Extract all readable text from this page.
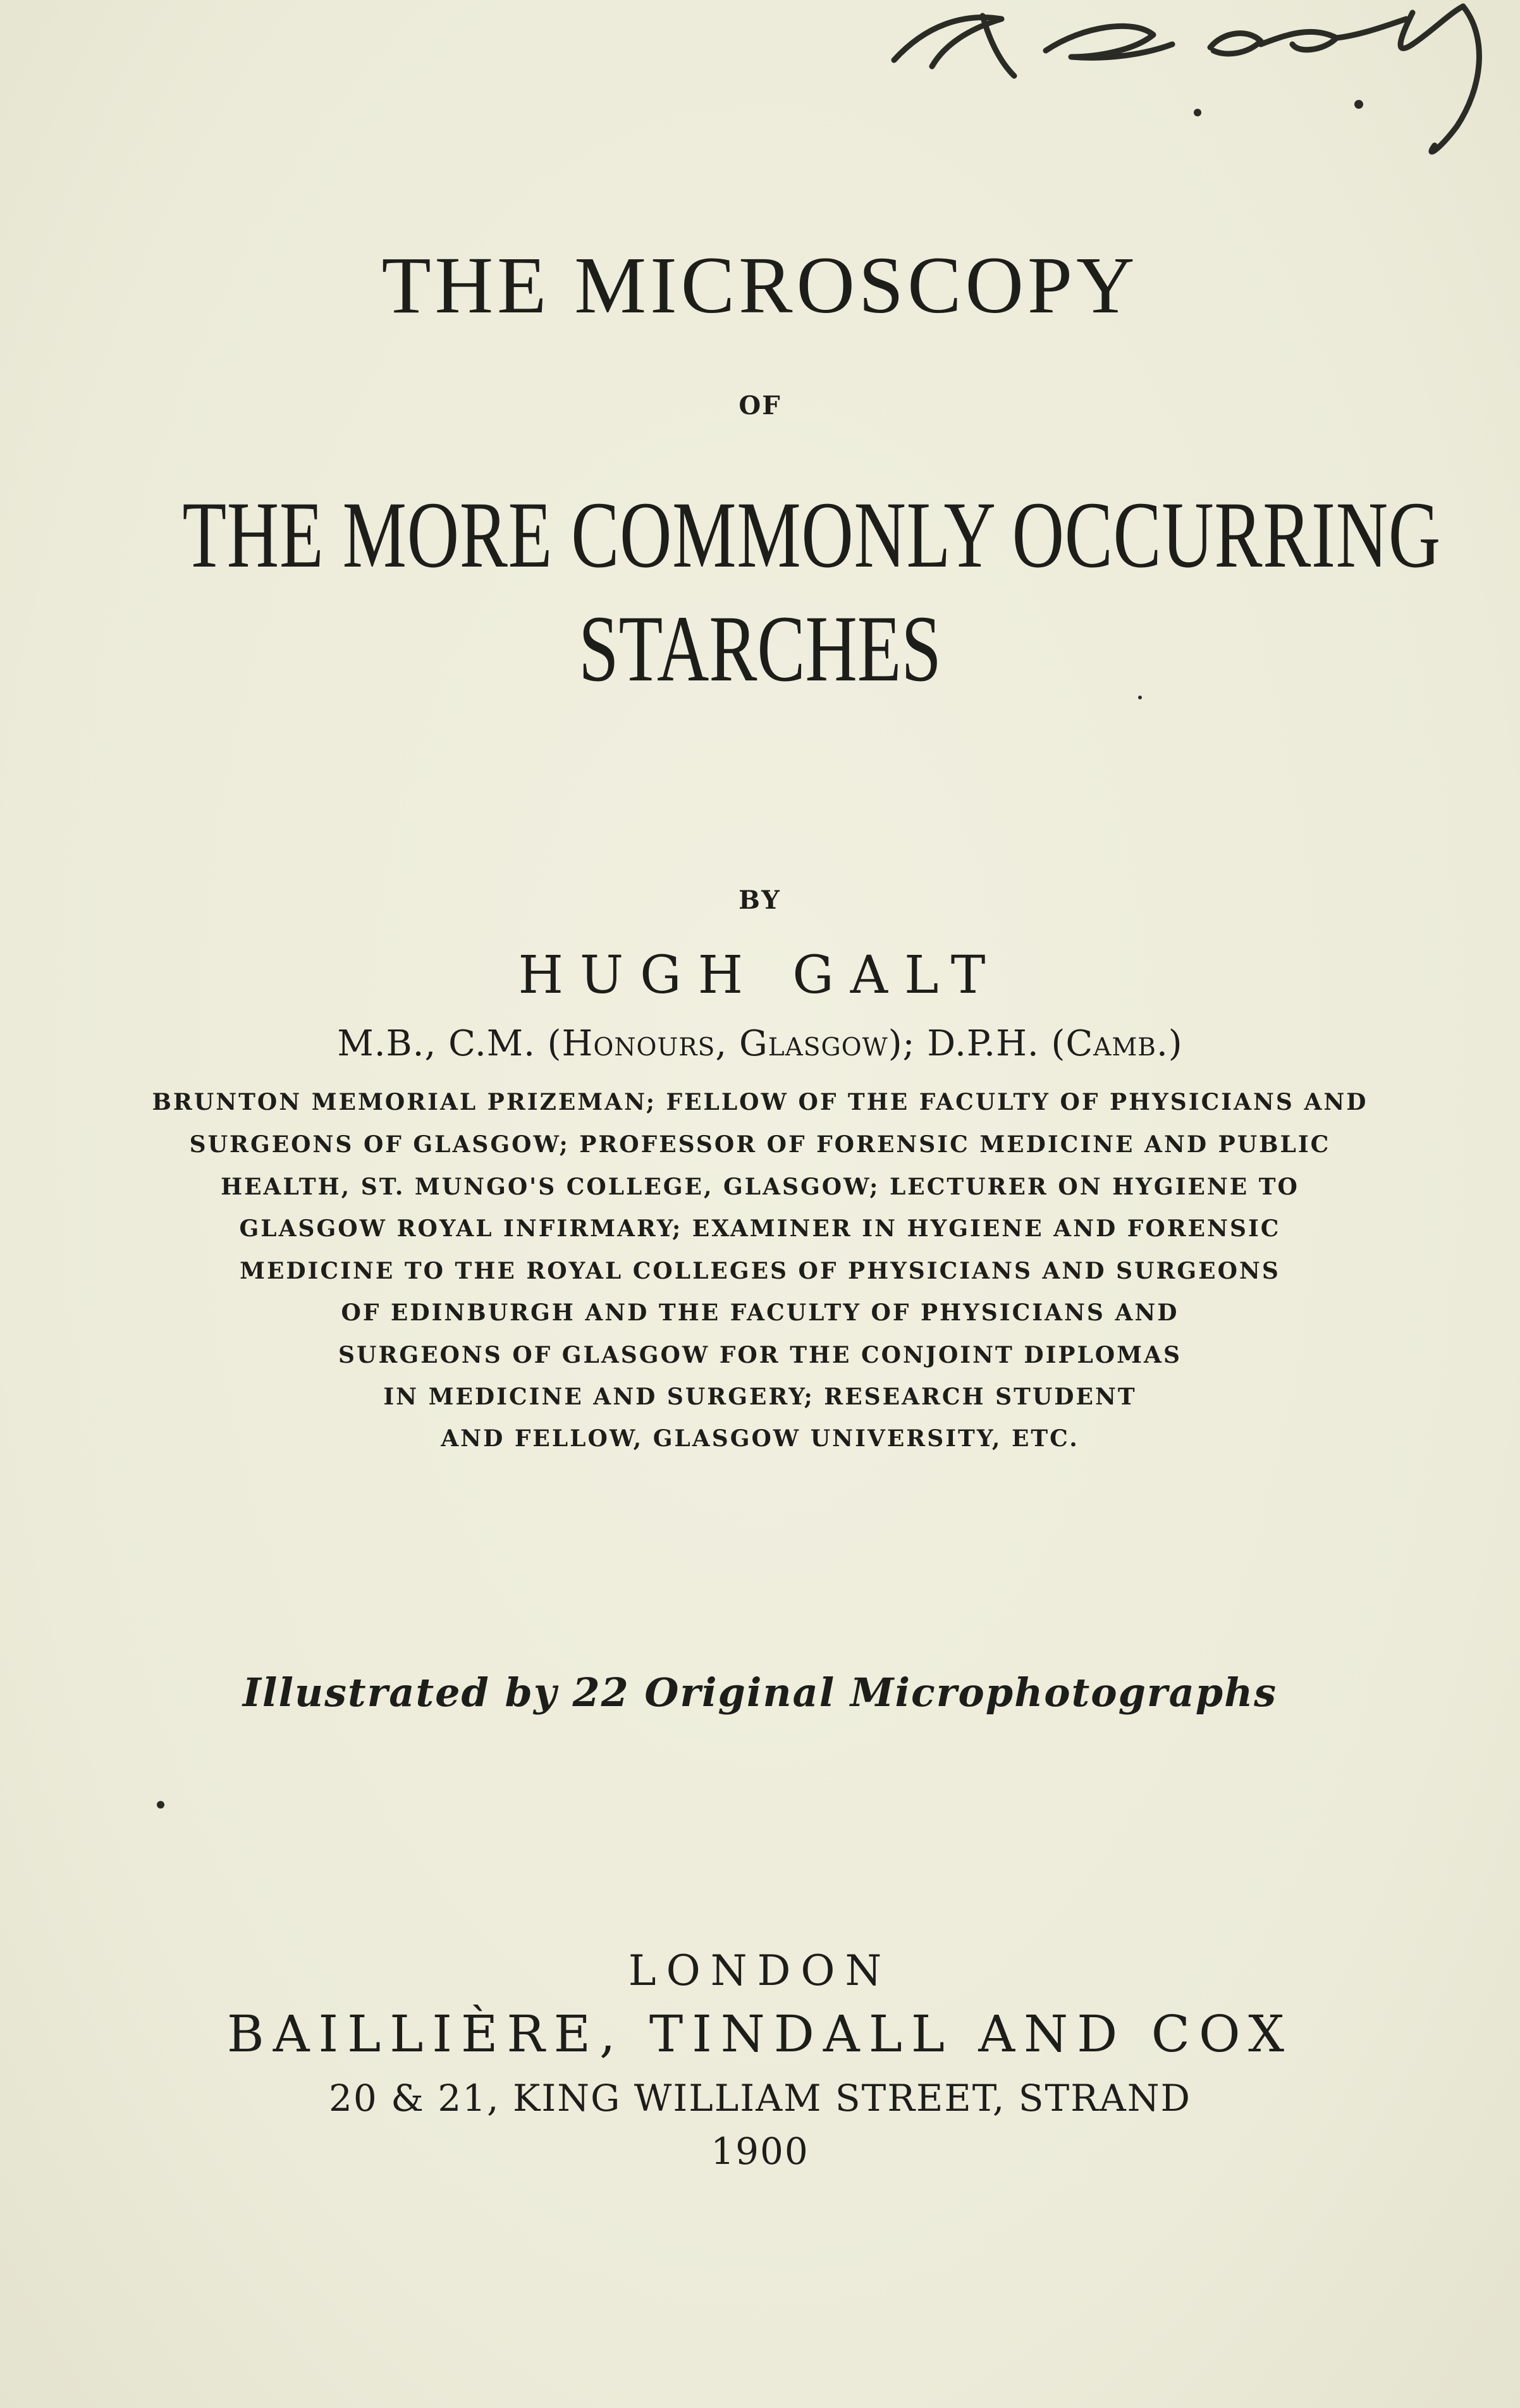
THE MICROSCOPY
OF
THE MORE COMMONLY OCCURRING
STARCHES
BY
HUGH GALT
M.B., C.M. (Honours, Glasgow); D.P.H. (Camb.)
BRUNTON MEMORIAL PRIZEMAN; FELLOW OF THE FACULTY OF PHYSICIANS AND
SURGEONS OF GLASGOW; PROFESSOR OF FORENSIC MEDICINE AND PUBLIC
HEALTH, ST. MUNGO'S COLLEGE, GLASGOW; LECTURER ON HYGIENE TO
GLASGOW ROYAL INFIRMARY; EXAMINER IN HYGIENE AND FORENSIC
MEDICINE TO THE ROYAL COLLEGES OF PHYSICIANS AND SURGEONS
OF EDINBURGH AND THE FACULTY OF PHYSICIANS AND
SURGEONS OF GLASGOW FOR THE CONJOINT DIPLOMAS
IN MEDICINE AND SURGERY; RESEARCH STUDENT
AND FELLOW, GLASGOW UNIVERSITY, ETC.
Illustrated by 22 Original Microphotographs
LONDON
BAILLIÈRE, TINDALL AND COX
20 & 21, KING WILLIAM STREET, STRAND
1900
